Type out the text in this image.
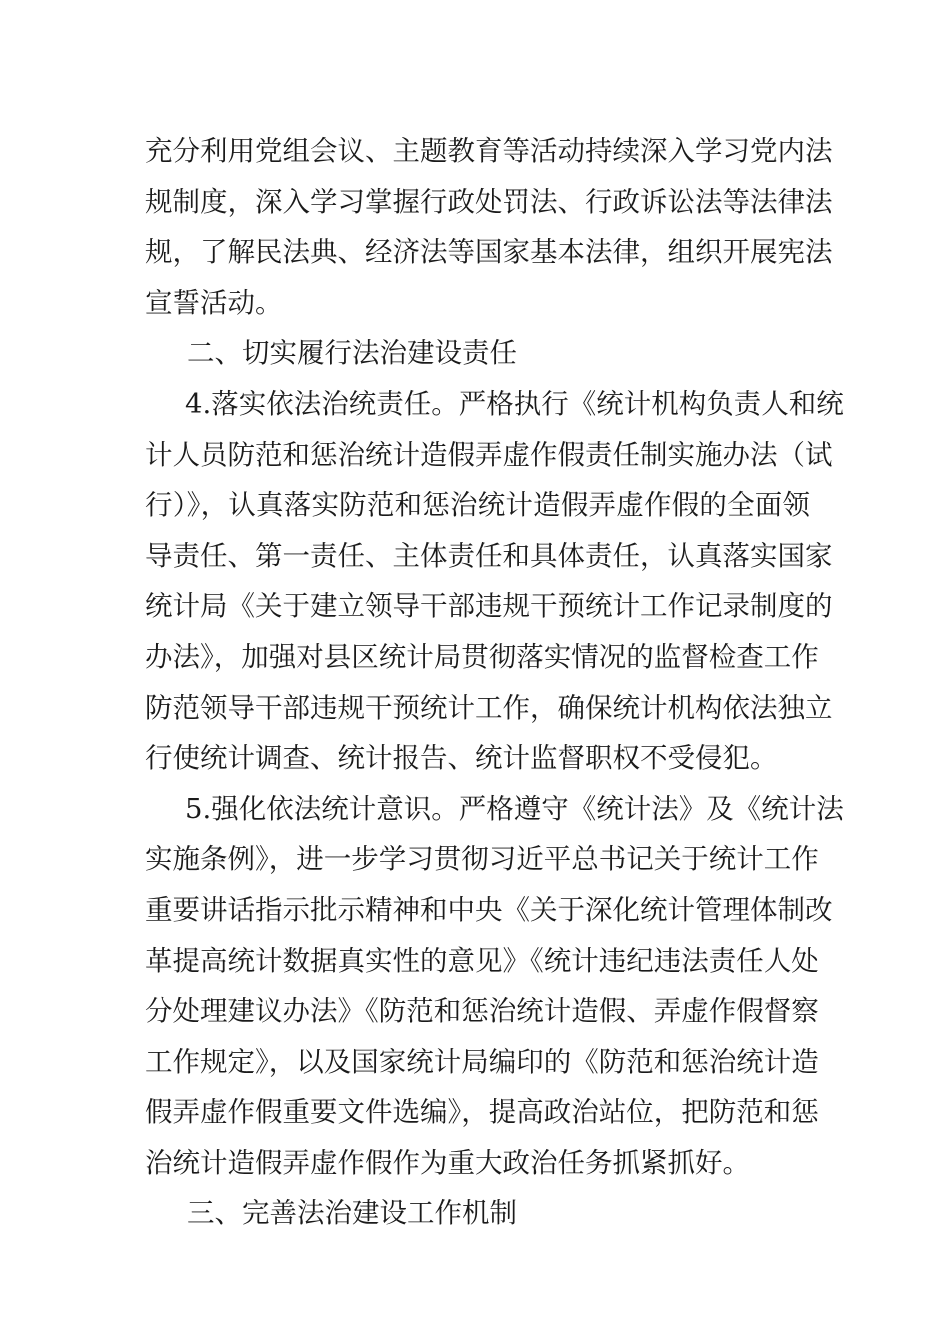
充分利用党组会议、主题教育等活动持续深入学习党内法
规制度，深入学习掌握行政处罚法、行政诉讼法等法律法
规，了解民法典、经济法等国家基本法律，组织开展宪法
宣誓活动。
二、切实履行法治建设责任
4.落实依法治统责任。严格执行《统计机构负责人和统
计人员防范和惩治统计造假弄虚作假责任制实施办法（试
行）》，认真落实防范和惩治统计造假弄虚作假的全面领
导责任、第一责任、主体责任和具体责任，认真落实国家
统计局《关于建立领导干部违规干预统计工作记录制度的
办法》，加强对县区统计局贯彻落实情况的监督检查工作
防范领导干部违规干预统计工作，确保统计机构依法独立
行使统计调查、统计报告、统计监督职权不受侵犯。
5.强化依法统计意识。严格遵守《统计法》及《统计法
实施条例》，进一步学习贯彻习近平总书记关于统计工作
重要讲话指示批示精神和中央《关于深化统计管理体制改
革提高统计数据真实性的意见》《统计违纪违法责任人处
分处理建议办法》《防范和惩治统计造假、弄虚作假督察
工作规定》，以及国家统计局编印的《防范和惩治统计造
假弄虚作假重要文件选编》，提高政治站位，把防范和惩
治统计造假弄虚作假作为重大政治任务抓紧抓好。
三、完善法治建设工作机制
